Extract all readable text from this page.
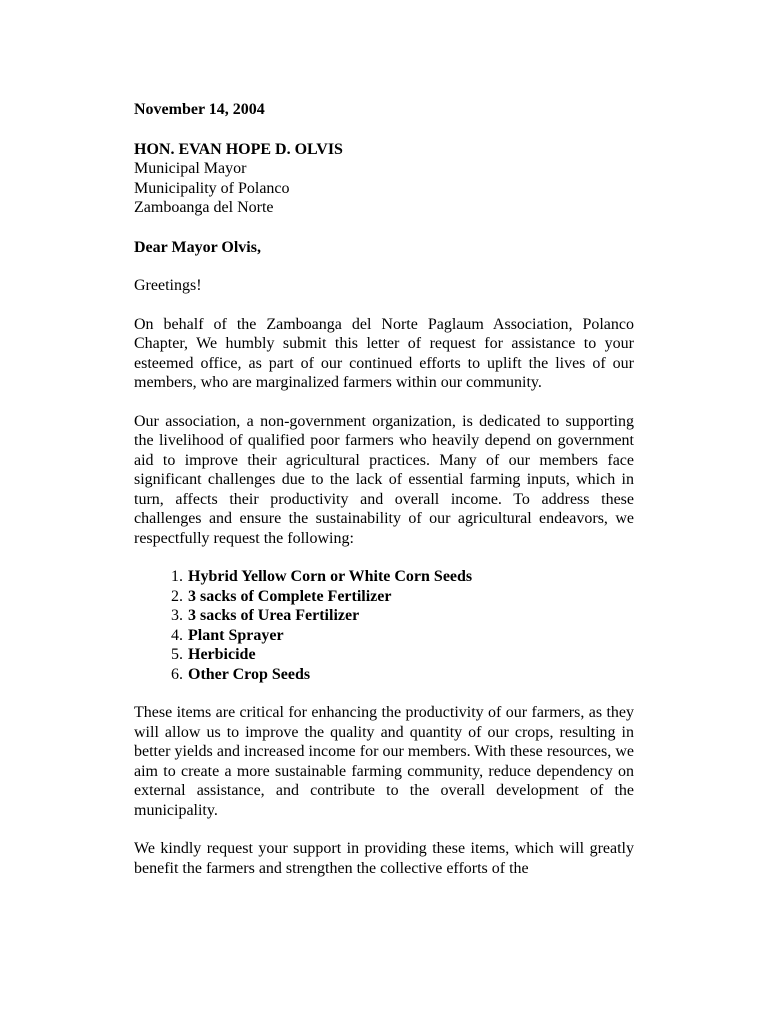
November 14, 2004

HON. EVAN HOPE D. OLVIS
Municipal Mayor
Municipality of Polanco
Zamboanga del Norte

Dear Mayor Olvis,

Greetings!

On behalf of the Zamboanga del Norte Paglaum Association, Polanco Chapter, We humbly submit this letter of request for assistance to your esteemed office, as part of our continued efforts to uplift the lives of our members, who are marginalized farmers within our community.

Our association, a non-government organization, is dedicated to supporting the livelihood of qualified poor farmers who heavily depend on government aid to improve their agricultural practices. Many of our members face significant challenges due to the lack of essential farming inputs, which in turn, affects their productivity and overall income. To address these challenges and ensure the sustainability of our agricultural endeavors, we respectfully request the following:

1. Hybrid Yellow Corn or White Corn Seeds
2. 3 sacks of Complete Fertilizer
3. 3 sacks of Urea Fertilizer
4. Plant Sprayer
5. Herbicide
6. Other Crop Seeds

These items are critical for enhancing the productivity of our farmers, as they will allow us to improve the quality and quantity of our crops, resulting in better yields and increased income for our members. With these resources, we aim to create a more sustainable farming community, reduce dependency on external assistance, and contribute to the overall development of the municipality.

We kindly request your support in providing these items, which will greatly benefit the farmers and strengthen the collective efforts of the
